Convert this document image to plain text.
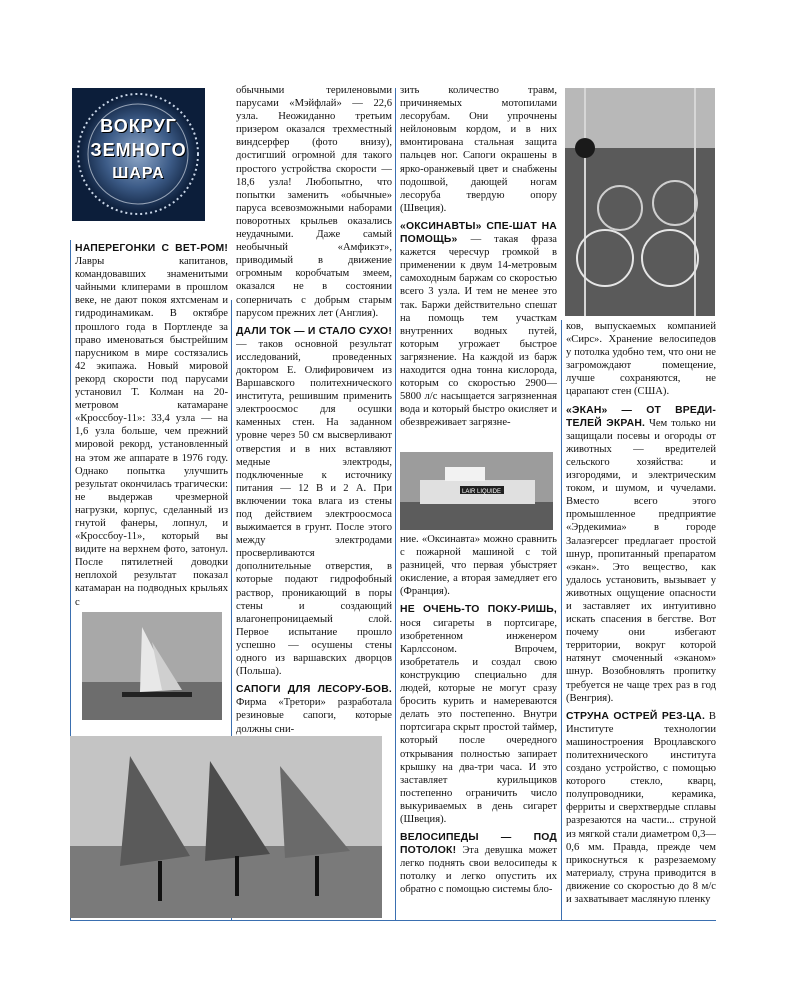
ВОКРУГ
ЗЕМНОГО
ШАРА

НАПЕРЕГОНКИ С ВЕТ-РОМ! Лавры капитанов, командовавших знаменитыми чайными клиперами в прошлом веке, не дают покоя яхтсменам и гидродинамикам. В октябре прошлого года в Портленде за право именоваться быстрейшим парусником в мире состязались 42 экипажа. Новый мировой рекорд скорости под парусами установил Т. Колман на 20-метровом катамаране «Кроссбоу-11»: 33,4 узла — на 1,6 узла больше, чем прежний мировой рекорд, установленный на этом же аппарате в 1976 году. Однако попытка улучшить результат окончилась трагически: не выдержав чрезмерной нагрузки, корпус, сделанный из гнутой фанеры, лопнул, и «Кроссбоу-11», который вы видите на верхнем фото, затонул. После пятилетней доводки неплохой результат показал катамаран на подводных крыльях с

обычными териленовыми парусами «Мэйфлай» — 22,6 узла. Неожиданно третьим призером оказался трехместный виндсерфер (фото внизу), достигший огромной для такого простого устройства скорости — 18,6 узла! Любопытно, что попытки заменить «обычные» паруса всевозможными наборами поворотных крыльев оказались неудачными. Даже самый необычный «Амфикэт», приводимый в движение огромным коробчатым змеем, оказался не в состоянии соперничать с добрым старым парусом прежних лет (Англия).

ДАЛИ ТОК — И СТАЛО СУХО! — таков основной результат исследований, проведенных доктором Е. Олифировичем из Варшавского политехнического института, решившим применить электроосмос для осушки каменных стен. На заданном уровне через 50 см высверливают отверстия и в них вставляют медные электроды, подключенные к источнику питания — 12 В и 2 А. При включении тока влага из стены под действием электроосмоса выжимается в грунт. После этого между электродами просверливаются дополнительные отверстия, в которые подают гидрофобный раствор, проникающий в поры стены и создающий влагонепроницаемый слой. Первое испытание прошло успешно — осушены стены одного из варшавских дворцов (Польша).

САПОГИ ДЛЯ ЛЕСОРУ-БОВ. Фирма «Третори» разработала резиновые сапоги, которые должны сни-

зить количество травм, причиняемых мотопилами лесорубам. Они упрочнены нейлоновым кордом, и в них вмонтирована стальная защита пальцев ног. Сапоги окрашены в ярко-оранжевый цвет и снабжены подошвой, дающей ногам лесоруба твердую опору (Швеция).

«ОКСИНАВТЫ» СПЕ-ШАТ НА ПОМОЩЬ» — такая фраза кажется чересчур громкой в применении к двум 14-метровым самоходным баржам со скоростью всего 3 узла. И тем не менее это так. Баржи действительно спешат на помощь тем участкам внутренних водных путей, которым угрожает быстрое загрязнение. На каждой из барж находится одна тонна кислорода, которым со скоростью 2900—5800 л/с насыщается загрязненная вода и который быстро окисляет и обезвреживает загрязне-

LAIR LIQUIDE

ние. «Оксинавта» можно сравнить с пожарной машиной с той разницей, что первая убыстряет окисление, а вторая замедляет его (Франция).

НЕ ОЧЕНЬ-ТО ПОКУ-РИШЬ, нося сигареты в портсигаре, изобретенном инженером Карлссоном. Впрочем, изобретатель и создал свою конструкцию специально для людей, которые не могут сразу бросить курить и намереваются делать это постепенно. Внутри портсигара скрыт простой таймер, который после очередного открывания полностью запирает крышку на два-три часа. И это заставляет курильщиков постепенно ограничить число выкуриваемых в день сигарет (Швеция).

ВЕЛОСИПЕДЫ — ПОД ПОТОЛОК! Эта девушка может легко поднять свои велосипеды к потолку и легко опустить их обратно с помощью системы бло-

ков, выпускаемых компанией «Сирс». Хранение велосипедов у потолка удобно тем, что они не загромождают помещение, лучше сохраняются, не царапают стен (США).

«ЭКАН» — ОТ ВРЕДИ-ТЕЛЕЙ ЭКРАН. Чем только ни защищали посевы и огороды от животных — вредителей сельского хозяйства: и изгородями, и электрическим током, и шумом, и чучелами. Вместо всего этого промышленное предприятие «Эрдекимиа» в городе Залаэгерсег предлагает простой шнур, пропитанный препаратом «экан». Это вещество, как удалось установить, вызывает у животных ощущение опасности и заставляет их интуитивно искать спасения в бегстве. Вот почему они избегают территории, вокруг которой натянут смоченный «эканом» шнур. Возобновлять пропитку требуется не чаще трех раз в год (Венгрия).

СТРУНА ОСТРЕЙ РЕЗ-ЦА. В Институте технологии машиностроения Вроцлавского политехнического института создано устройство, с помощью которого стекло, кварц, полупроводники, керамика, ферриты и сверхтвердые сплавы разрезаются на части... струной из мягкой стали диаметром 0,3—0,6 мм. Правда, прежде чем прикоснуться к разрезаемому материалу, струна приводится в движение со скоростью до 8 м/с и захватывает масляную пленку
